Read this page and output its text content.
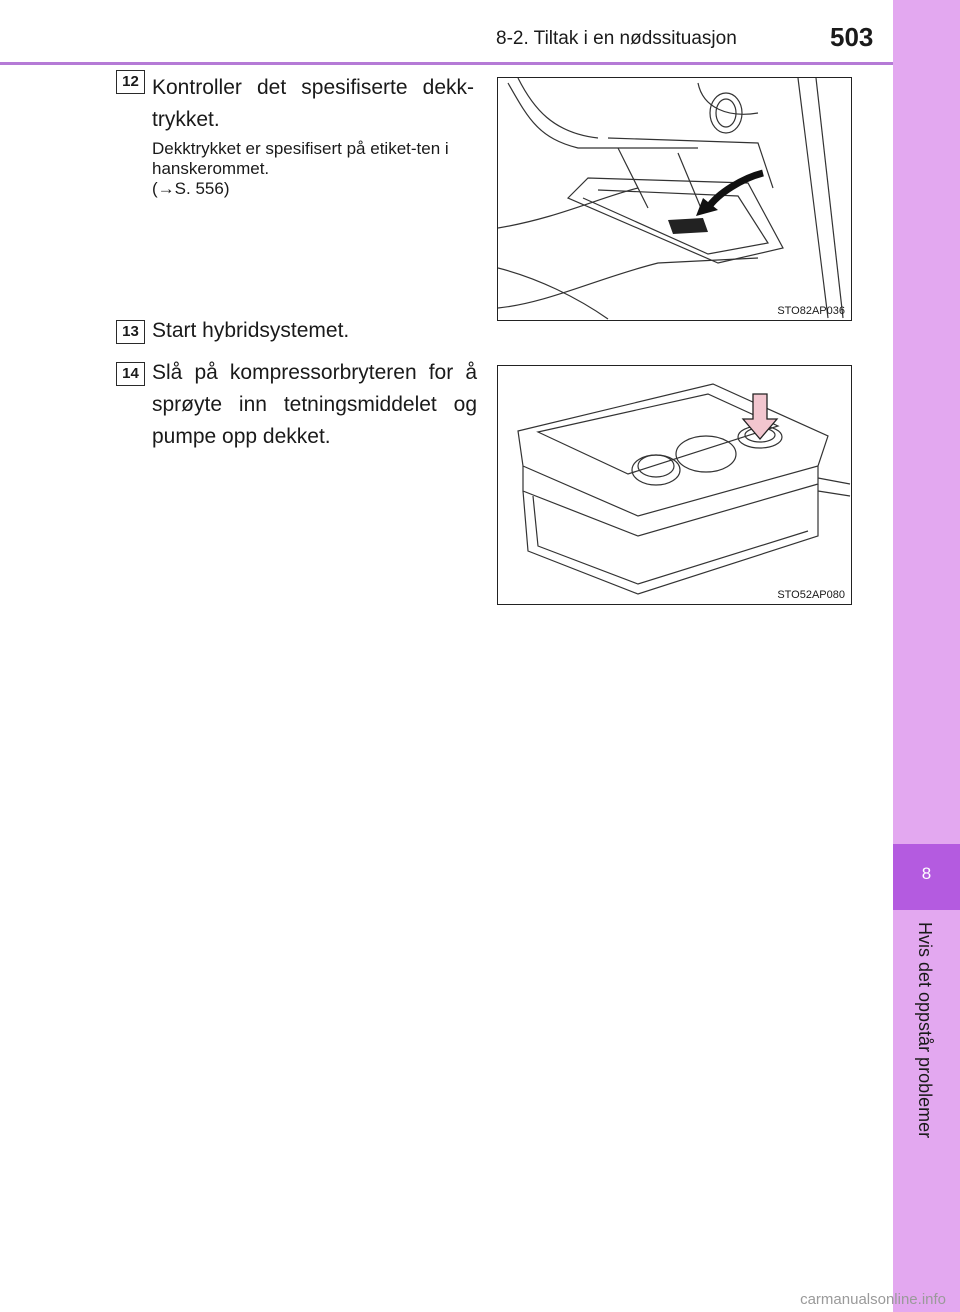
8-2. Tiltak i en nødssituasjon	503
8
Hvis det oppstår problemer
12 Kontroller det spesifiserte dekk-trykket.

Dekktrykket er spesifisert på etiket-ten i hanskerommet.

(→S. 556)

STO82AP036
13 Start hybridsystemet.
14 Slå på kompressorbryteren for å sprøyte inn tetningsmiddelet og pumpe opp dekket.
STO52AP080
carmanualsonline.info
